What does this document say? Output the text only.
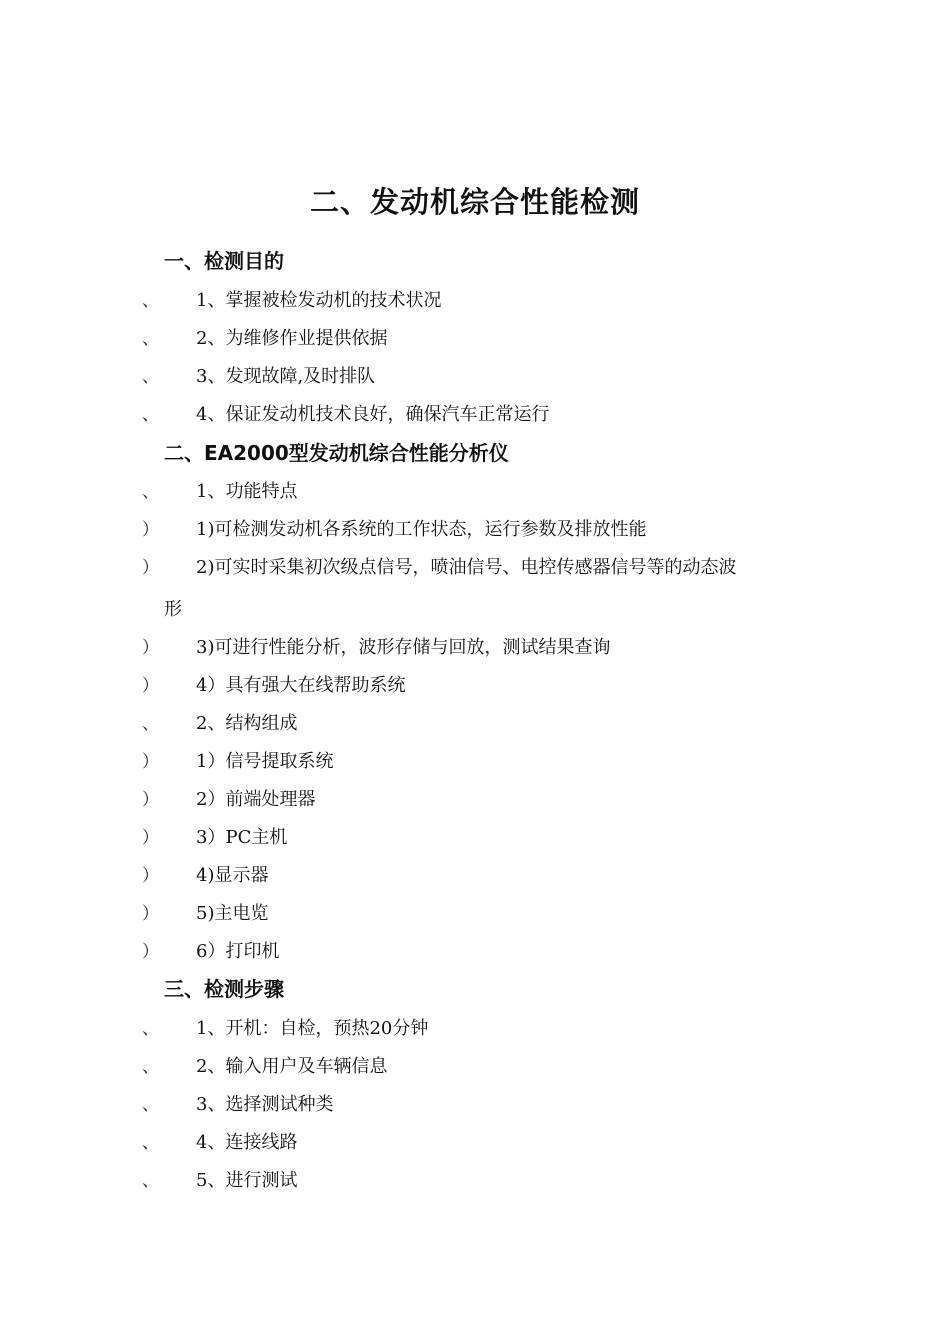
二、发动机综合性能检测
一、检测目的
、 1、掌握被检发动机的技术状况
、 2、为维修作业提供依据
、 3、发现故障,及时排队
、 4、保证发动机技术良好，确保汽车正常运行
二、EA2000型发动机综合性能分析仪
、 1、功能特点
） 1)可检测发动机各系统的工作状态，运行参数及排放性能
） 2)可实时采集初次级点信号，喷油信号、电控传感器信号等的动态波
形
） 3)可进行性能分析，波形存储与回放，测试结果查询
） 4）具有强大在线帮助系统
、 2、结构组成
） 1）信号提取系统
） 2）前端处理器
） 3）PC主机
） 4)显示器
） 5)主电览
） 6）打印机
三、检测步骤
、 1、开机：自检，预热20分钟
、 2、输入用户及车辆信息
、 3、选择测试种类
、 4、连接线路
、 5、进行测试
